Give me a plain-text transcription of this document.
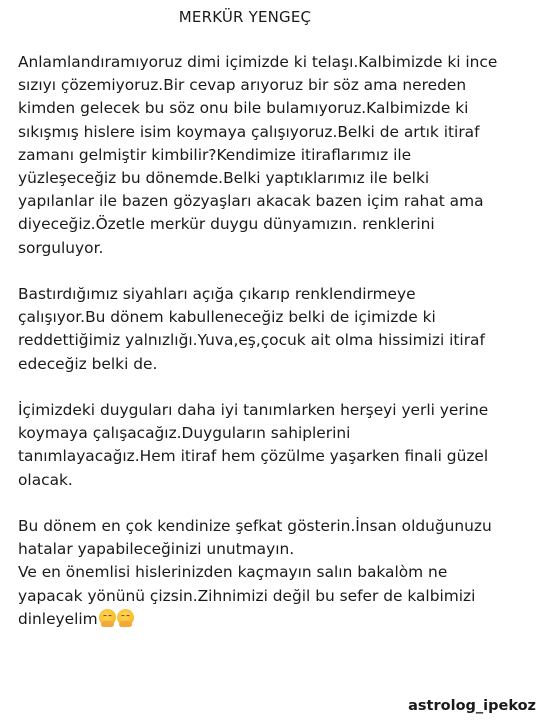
MERKÜR YENGEÇ

Anlamlandıramıyoruz dimi içimizde ki telaşı.Kalbimizde ki ince
sızıyı çözemiyoruz.Bir cevap arıyoruz bir söz ama nereden
kimden gelecek bu söz onu bile bulamıyoruz.Kalbimizde ki
sıkışmış hislere isim koymaya çalışıyoruz.Belki de artık itiraf
zamanı gelmiştir kimbilir?Kendimize itiraflarımız ile
yüzleşeceğiz bu dönemde.Belki yaptıklarımız ile belki
yapılanlar ile bazen gözyaşları akacak bazen içim rahat ama
diyeceğiz.Özetle merkür duygu dünyamızın. renklerini
sorguluyor.

Bastırdığımız siyahları açığa çıkarıp renklendirmeye
çalışıyor.Bu dönem kabulleneceğiz belki de içimizde ki
reddettiğimiz yalnızlığı.Yuva,eş,çocuk ait olma hissimizi itiraf
edeceğiz belki de.

İçimizdeki duyguları daha iyi tanımlarken herşeyi yerli yerine
koymaya çalışacağız.Duyguların sahiplerini
tanımlayacağız.Hem itiraf hem çözülme yaşarken finali güzel
olacak.

Bu dönem en çok kendinize şefkat gösterin.İnsan olduğunuzu
hatalar yapabileceğinizi unutmayın.
Ve en önemlisi hislerinizden kaçmayın salın bakalòm ne
yapacak yönünü çizsin.Zihnimizi değil bu sefer de kalbimizi
dinleyelim

astrolog_ipekoz
